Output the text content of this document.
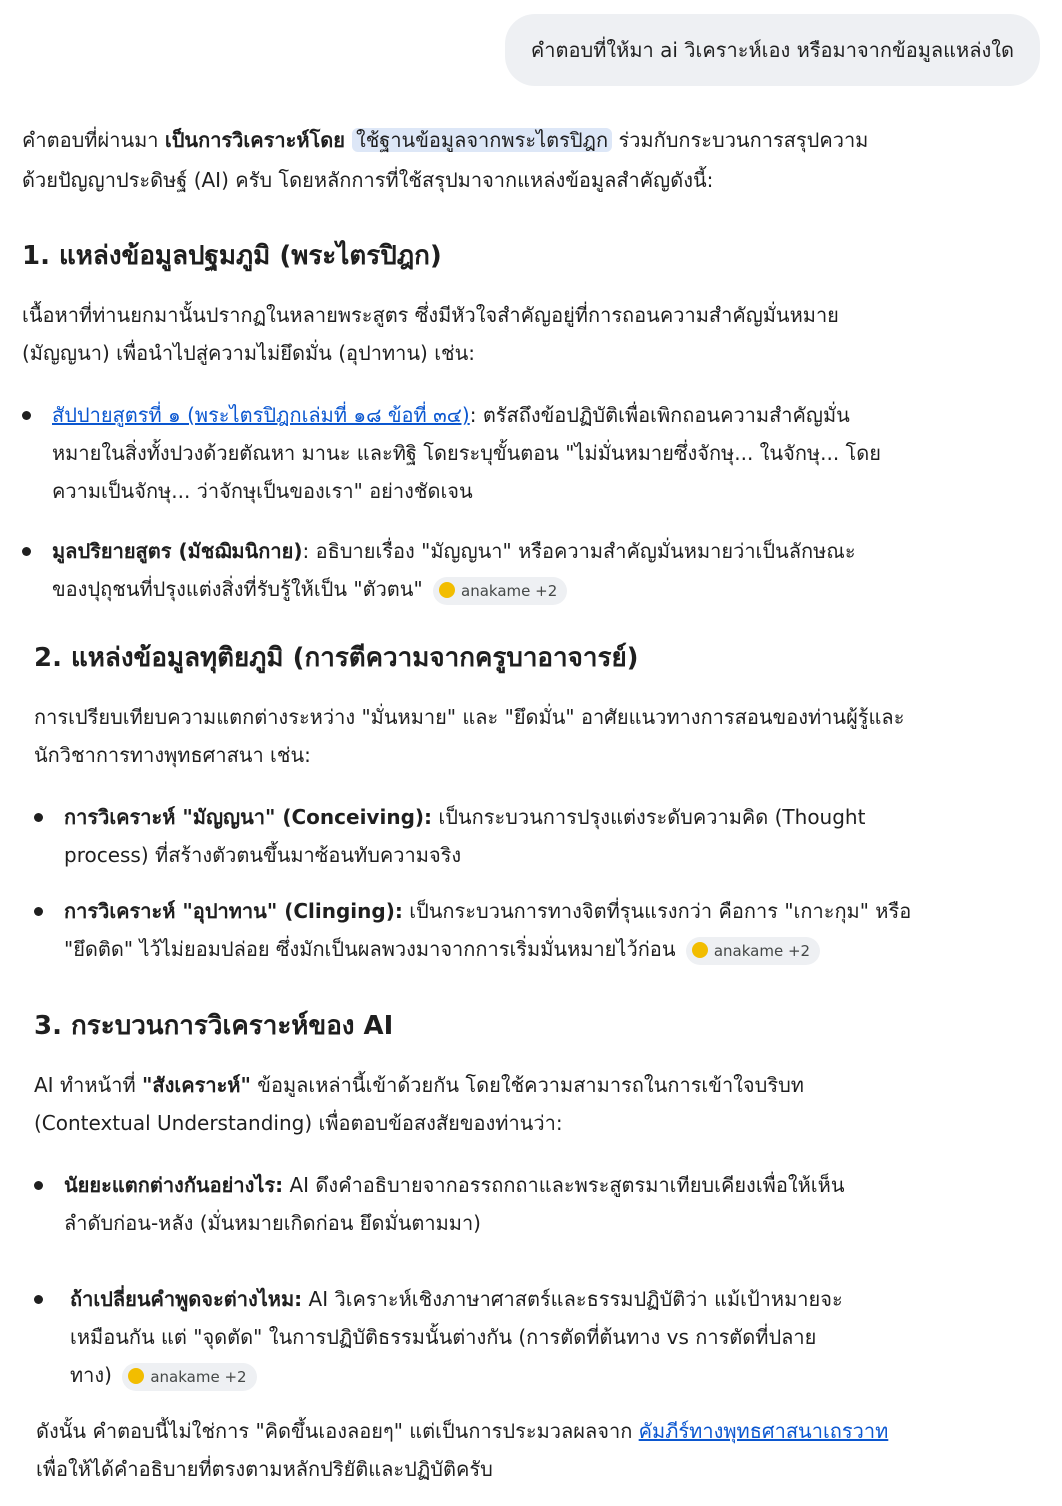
คำตอบที่ให้มา ai วิเคราะห์เอง หรือมาจากข้อมูลแหล่งใด
คำตอบที่ผ่านมา เป็นการวิเคราะห์โดย ใช้ฐานข้อมูลจากพระไตรปิฎก ร่วมกับกระบวนการสรุปความ
ด้วยปัญญาประดิษฐ์ (AI) ครับ โดยหลักการที่ใช้สรุปมาจากแหล่งข้อมูลสำคัญดังนี้:
1. แหล่งข้อมูลปฐมภูมิ (พระไตรปิฎก)
เนื้อหาที่ท่านยกมานั้นปรากฏในหลายพระสูตร ซึ่งมีหัวใจสำคัญอยู่ที่การถอนความสำคัญมั่นหมาย
(มัญญนา) เพื่อนำไปสู่ความไม่ยึดมั่น (อุปาทาน) เช่น:
สัปปายสูตรที่ ๑ (พระไตรปิฎกเล่มที่ ๑๘ ข้อที่ ๓๔): ตรัสถึงข้อปฏิบัติเพื่อเพิกถอนความสำคัญมั่น
หมายในสิ่งทั้งปวงด้วยตัณหา มานะ และทิฐิ โดยระบุขั้นตอน "ไม่มั่นหมายซึ่งจักษุ... ในจักษุ... โดย
ความเป็นจักษุ... ว่าจักษุเป็นของเรา" อย่างชัดเจน
มูลปริยายสูตร (มัชฌิมนิกาย): อธิบายเรื่อง "มัญญนา" หรือความสำคัญมั่นหมายว่าเป็นลักษณะ
ของปุถุชนที่ปรุงแต่งสิ่งที่รับรู้ให้เป็น "ตัวตน"	anakame +2
2. แหล่งข้อมูลทุติยภูมิ (การตีความจากครูบาอาจารย์)
การเปรียบเทียบความแตกต่างระหว่าง "มั่นหมาย" และ "ยึดมั่น" อาศัยแนวทางการสอนของท่านผู้รู้และ
นักวิชาการทางพุทธศาสนา เช่น:
การวิเคราะห์ "มัญญนา" (Conceiving): เป็นกระบวนการปรุงแต่งระดับความคิด (Thought
process) ที่สร้างตัวตนขึ้นมาซ้อนทับความจริง
การวิเคราะห์ "อุปาทาน" (Clinging): เป็นกระบวนการทางจิตที่รุนแรงกว่า คือการ "เกาะกุม" หรือ
"ยึดติด" ไว้ไม่ยอมปล่อย ซึ่งมักเป็นผลพวงมาจากการเริ่มมั่นหมายไว้ก่อน	anakame +2
3. กระบวนการวิเคราะห์ของ AI
AI ทำหน้าที่ "สังเคราะห์" ข้อมูลเหล่านี้เข้าด้วยกัน โดยใช้ความสามารถในการเข้าใจบริบท
(Contextual Understanding) เพื่อตอบข้อสงสัยของท่านว่า:
นัยยะแตกต่างกันอย่างไร: AI ดึงคำอธิบายจากอรรถกถาและพระสูตรมาเทียบเคียงเพื่อให้เห็น
ลำดับก่อน-หลัง (มั่นหมายเกิดก่อน ยึดมั่นตามมา)
ถ้าเปลี่ยนคำพูดจะต่างไหม: AI วิเคราะห์เชิงภาษาศาสตร์และธรรมปฏิบัติว่า แม้เป้าหมายจะ
เหมือนกัน แต่ "จุดตัด" ในการปฏิบัติธรรมนั้นต่างกัน (การตัดที่ต้นทาง vs การตัดที่ปลาย
ทาง)	anakame +2
ดังนั้น คำตอบนี้ไม่ใช่การ "คิดขึ้นเองลอยๆ" แต่เป็นการประมวลผลจาก คัมภีร์ทางพุทธศาสนาเถรวาท
เพื่อให้ได้คำอธิบายที่ตรงตามหลักปริยัติและปฏิบัติครับ
